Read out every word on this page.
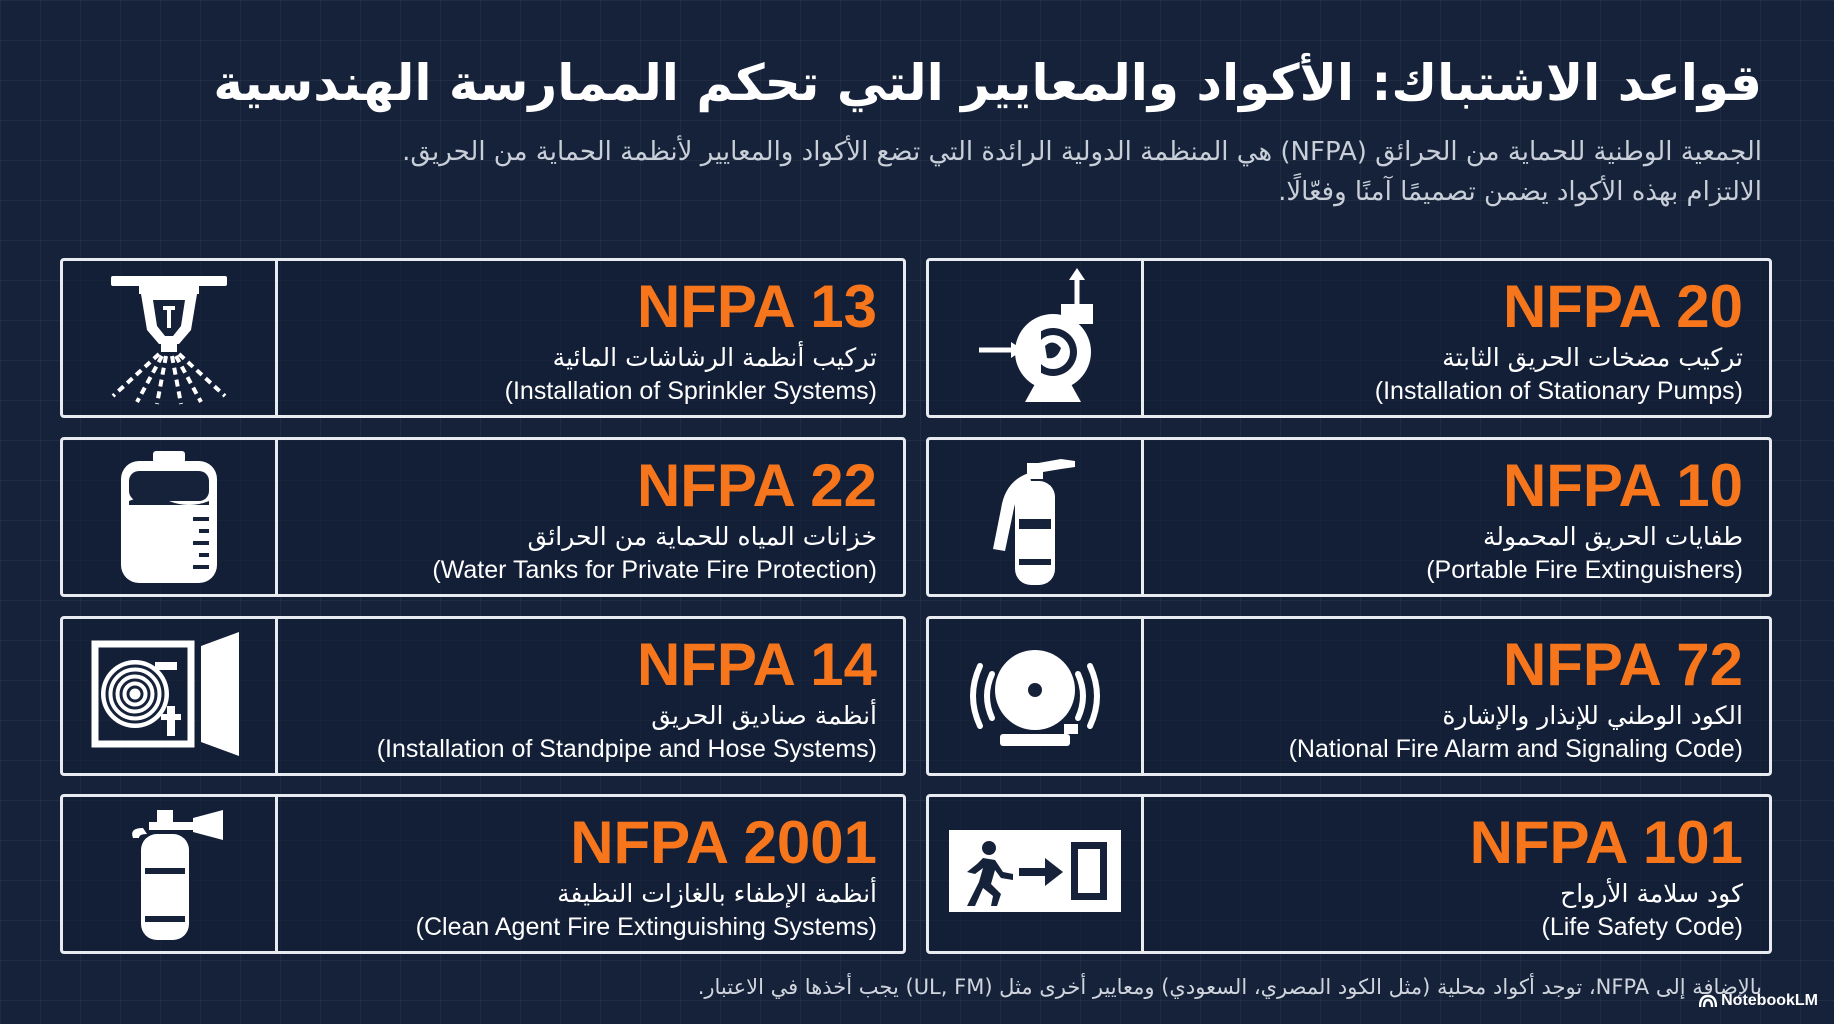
قواعد الاشتباك: الأكواد والمعايير التي تحكم الممارسة الهندسية
الجمعية الوطنية للحماية من الحرائق (NFPA) هي المنظمة الدولية الرائدة التي تضع الأكواد والمعايير لأنظمة الحماية من الحريق.
الالتزام بهذه الأكواد يضمن تصميمًا آمنًا وفعّالًا.
NFPA 20
تركيب مضخات الحريق الثابتة
(Installation of Stationary Pumps)
NFPA 13
تركيب أنظمة الرشاشات المائية
(Installation of Sprinkler Systems)
NFPA 10
طفايات الحريق المحمولة
(Portable Fire Extinguishers)
NFPA 22
خزانات المياه للحماية من الحرائق
(Water Tanks for Private Fire Protection)
NFPA 72
الكود الوطني للإنذار والإشارة
(National Fire Alarm and Signaling Code)
NFPA 14
أنظمة صناديق الحريق
(Installation of Standpipe and Hose Systems)
NFPA 101
كود سلامة الأرواح
(Life Safety Code)
NFPA 2001
أنظمة الإطفاء بالغازات النظيفة
(Clean Agent Fire Extinguishing Systems)
بالإضافة إلى NFPA، توجد أكواد محلية (مثل الكود المصري، السعودي) ومعايير أخرى مثل (UL, FM) يجب أخذها في الاعتبار.
NotebookLM
